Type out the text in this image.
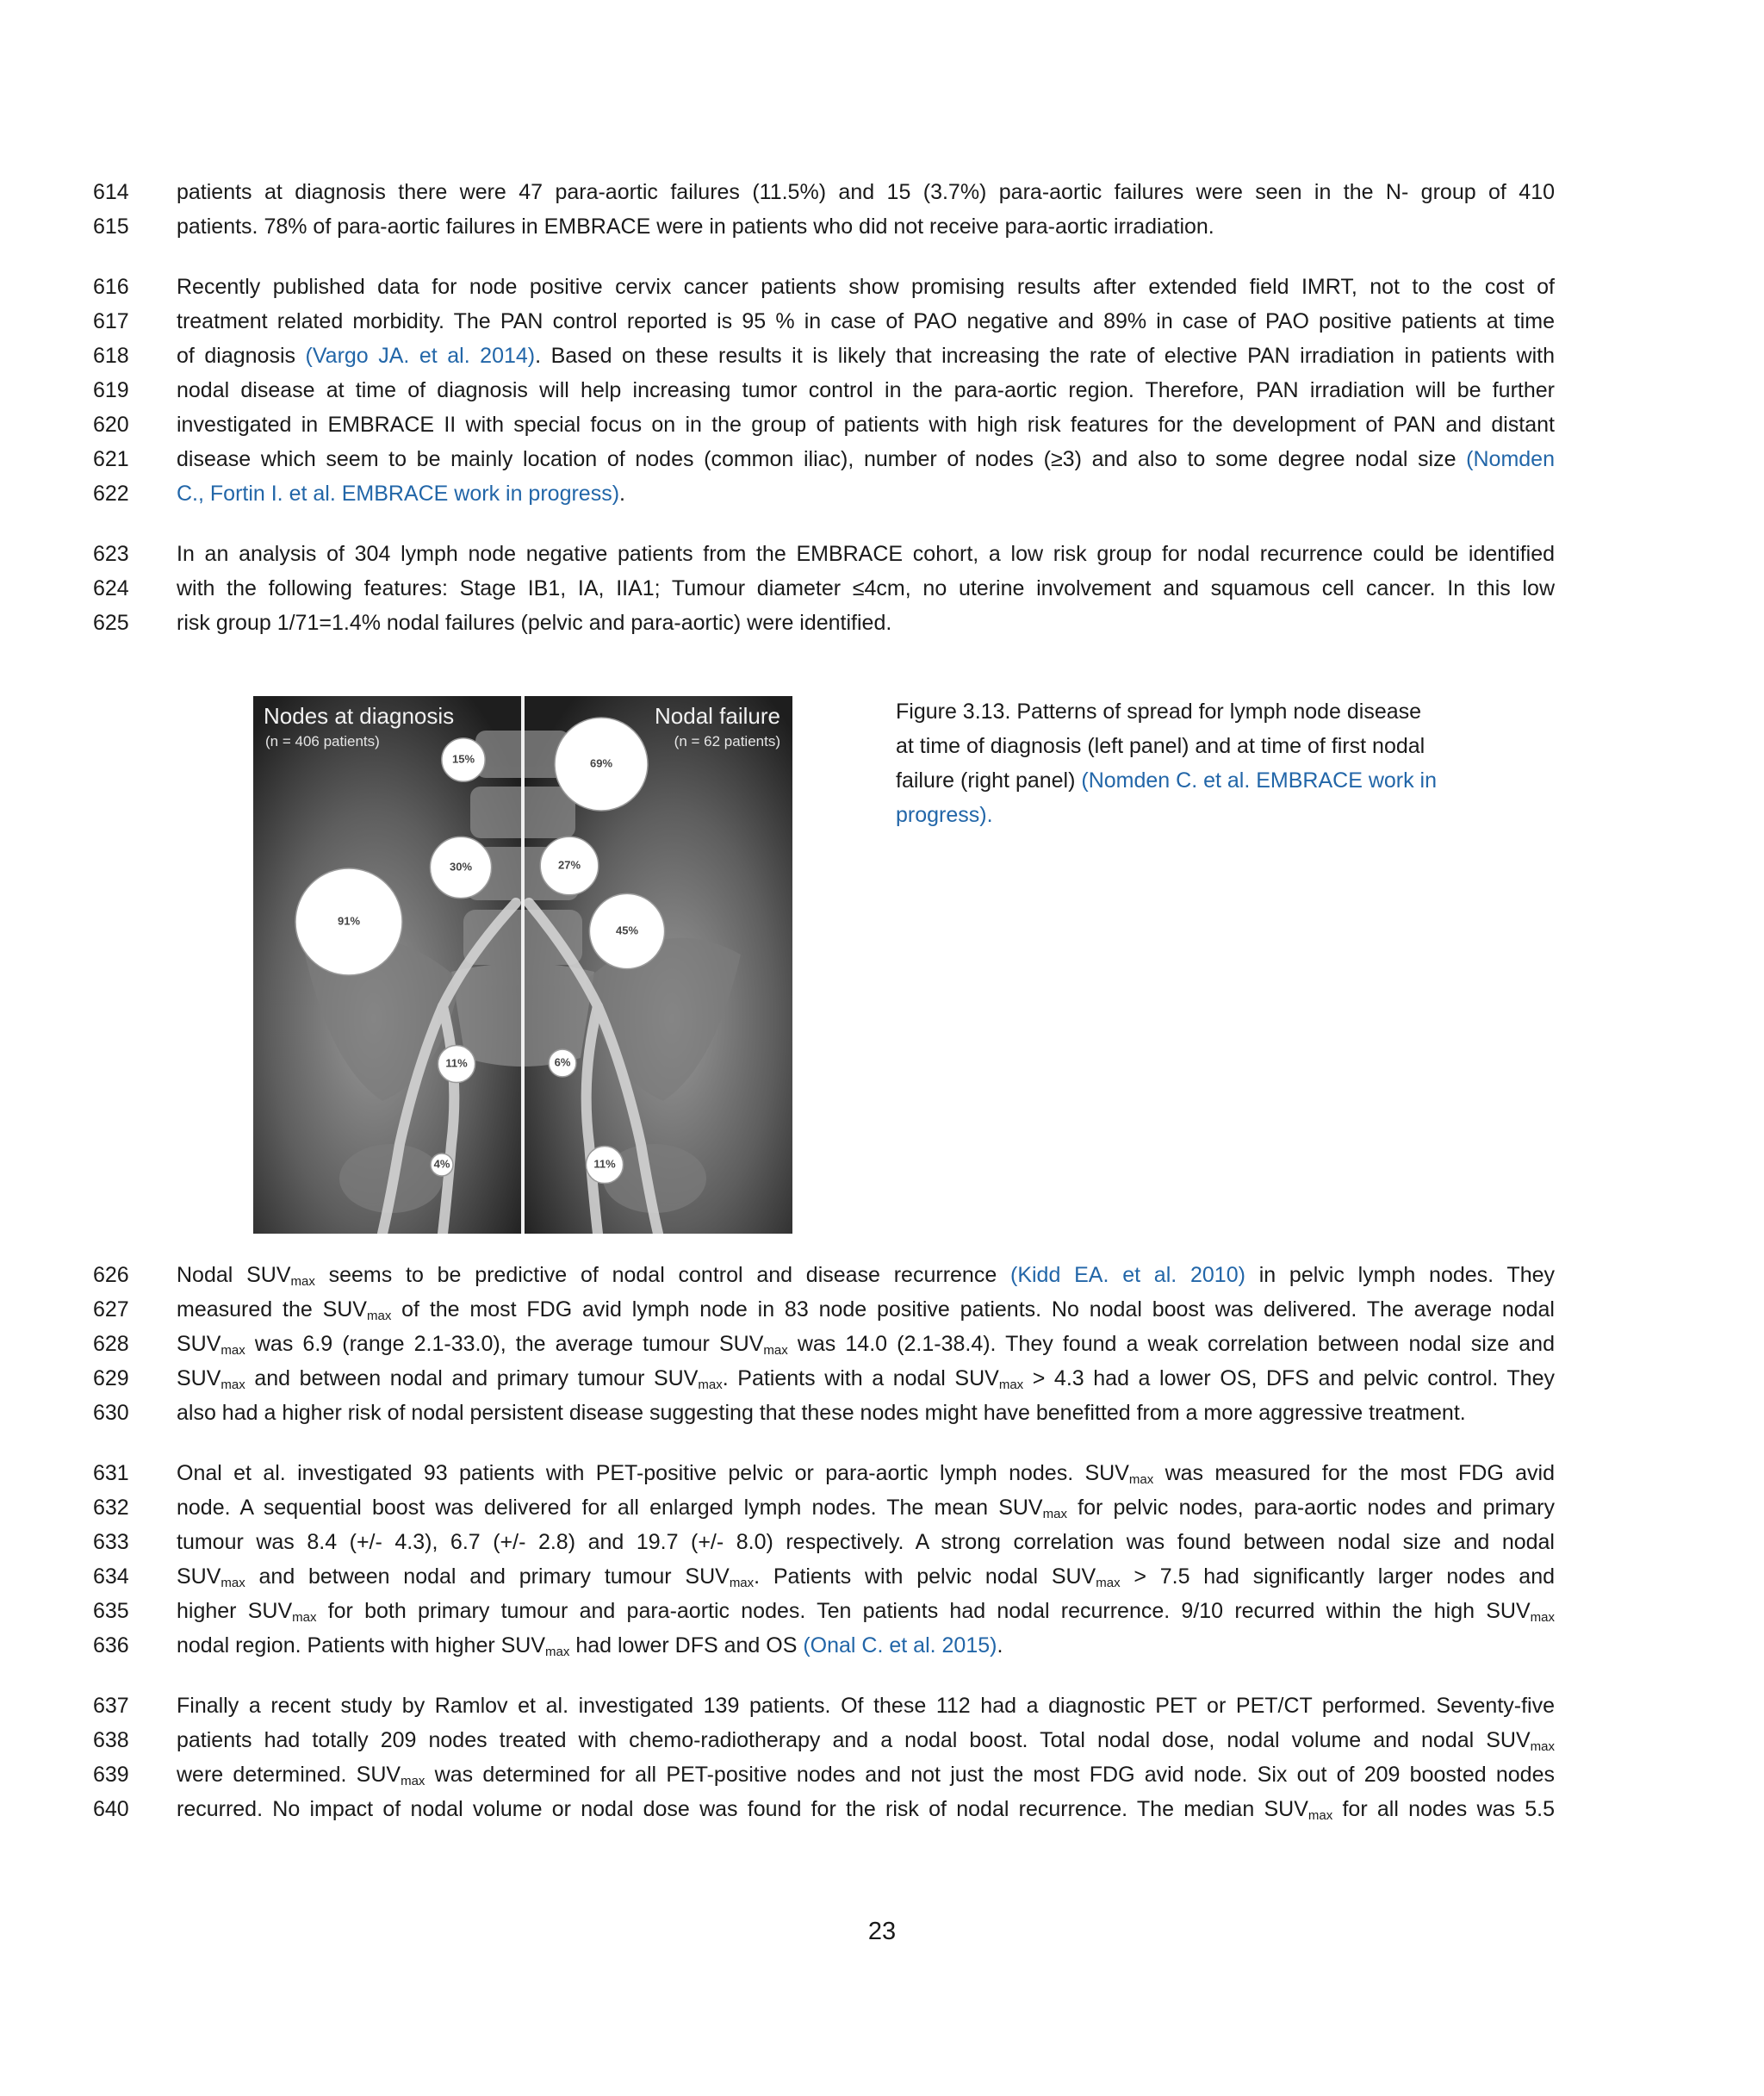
614	patients at diagnosis there were 47 para-aortic failures (11.5%) and 15 (3.7%) para-aortic failures were seen in the N- group of 410
615	patients. 78% of para-aortic failures in EMBRACE were in patients who did not receive para-aortic irradiation.
616	Recently published data for node positive cervix cancer patients show promising results after extended field IMRT, not to the cost of
617	treatment related morbidity. The PAN control reported is 95 % in case of PAO negative and 89% in case of PAO positive patients at time
618	of diagnosis (Vargo JA. et al. 2014). Based on these results it is likely that increasing the rate of elective PAN irradiation in patients with
619	nodal disease at time of diagnosis will help increasing tumor control in the para-aortic region. Therefore, PAN irradiation will be further
620	investigated in EMBRACE II with special focus on in the group of patients with high risk features for the development of PAN and distant
621	disease which seem to be mainly location of nodes (common iliac), number of nodes (≥3) and also to some degree nodal size (Nomden
622	C., Fortin I. et al. EMBRACE work in progress).
623	In an analysis of 304 lymph node negative patients from the EMBRACE cohort, a low risk group for nodal recurrence could be identified
624	with the following features: Stage IB1, IA, IIA1; Tumour diameter ≤4cm, no uterine involvement and squamous cell cancer. In this low
625	risk group 1/71=1.4% nodal failures (pelvic and para-aortic) were identified.
Nodes at diagnosis
(n = 406 patients)
Nodal failure
(n = 62 patients)
15%
30%
91%
11%
4%
69%
27%
45%
6%
11%
Figure 3.13. Patterns of spread for lymph node disease
at time of diagnosis (left panel) and at time of first nodal
failure (right panel) (Nomden C. et al. EMBRACE work in
progress).
626	Nodal $SUV_{max}$ seems to be predictive of nodal control and disease recurrence (Kidd EA. et al. 2010) in pelvic lymph nodes. They
627	measured the $SUV_{max}$ of the most FDG avid lymph node in 83 node positive patients. No nodal boost was delivered. The average nodal
628	$SUV_{max}$ was 6.9 (range 2.1-33.0), the average tumour $SUV_{max}$ was 14.0 (2.1-38.4). They found a weak correlation between nodal size and
629	$SUV_{max}$ and between nodal and primary tumour $SUV_{max}$. Patients with a nodal $SUV_{max} > 4.3$ had a lower OS, DFS and pelvic control. They
630	also had a higher risk of nodal persistent disease suggesting that these nodes might have benefitted from a more aggressive treatment.
631	Onal et al. investigated 93 patients with PET-positive pelvic or para-aortic lymph nodes. $SUV_{max}$ was measured for the most FDG avid
632	node. A sequential boost was delivered for all enlarged lymph nodes. The mean $SUV_{max}$ for pelvic nodes, para-aortic nodes and primary
633	tumour was 8.4 (+/- 4.3), 6.7 (+/- 2.8) and 19.7 (+/- 8.0) respectively. A strong correlation was found between nodal size and nodal
634	$SUV_{max}$ and between nodal and primary tumour $SUV_{max}$. Patients with pelvic nodal $SUV_{max} > 7.5$ had significantly larger nodes and
635	higher $SUV_{max}$ for both primary tumour and para-aortic nodes. Ten patients had nodal recurrence. 9/10 recurred within the high $SUV_{max}$
636	nodal region. Patients with higher $SUV_{max}$ had lower DFS and OS (Onal C. et al. 2015).
637	Finally a recent study by Ramlov et al. investigated 139 patients. Of these 112 had a diagnostic PET or PET/CT performed. Seventy-five
638	patients had totally 209 nodes treated with chemo-radiotherapy and a nodal boost. Total nodal dose, nodal volume and nodal $SUV_{max}$
639	were determined. $SUV_{max}$ was determined for all PET-positive nodes and not just the most FDG avid node. Six out of 209 boosted nodes
640	recurred. No impact of nodal volume or nodal dose was found for the risk of nodal recurrence. The median $SUV_{max}$ for all nodes was 5.5
23
